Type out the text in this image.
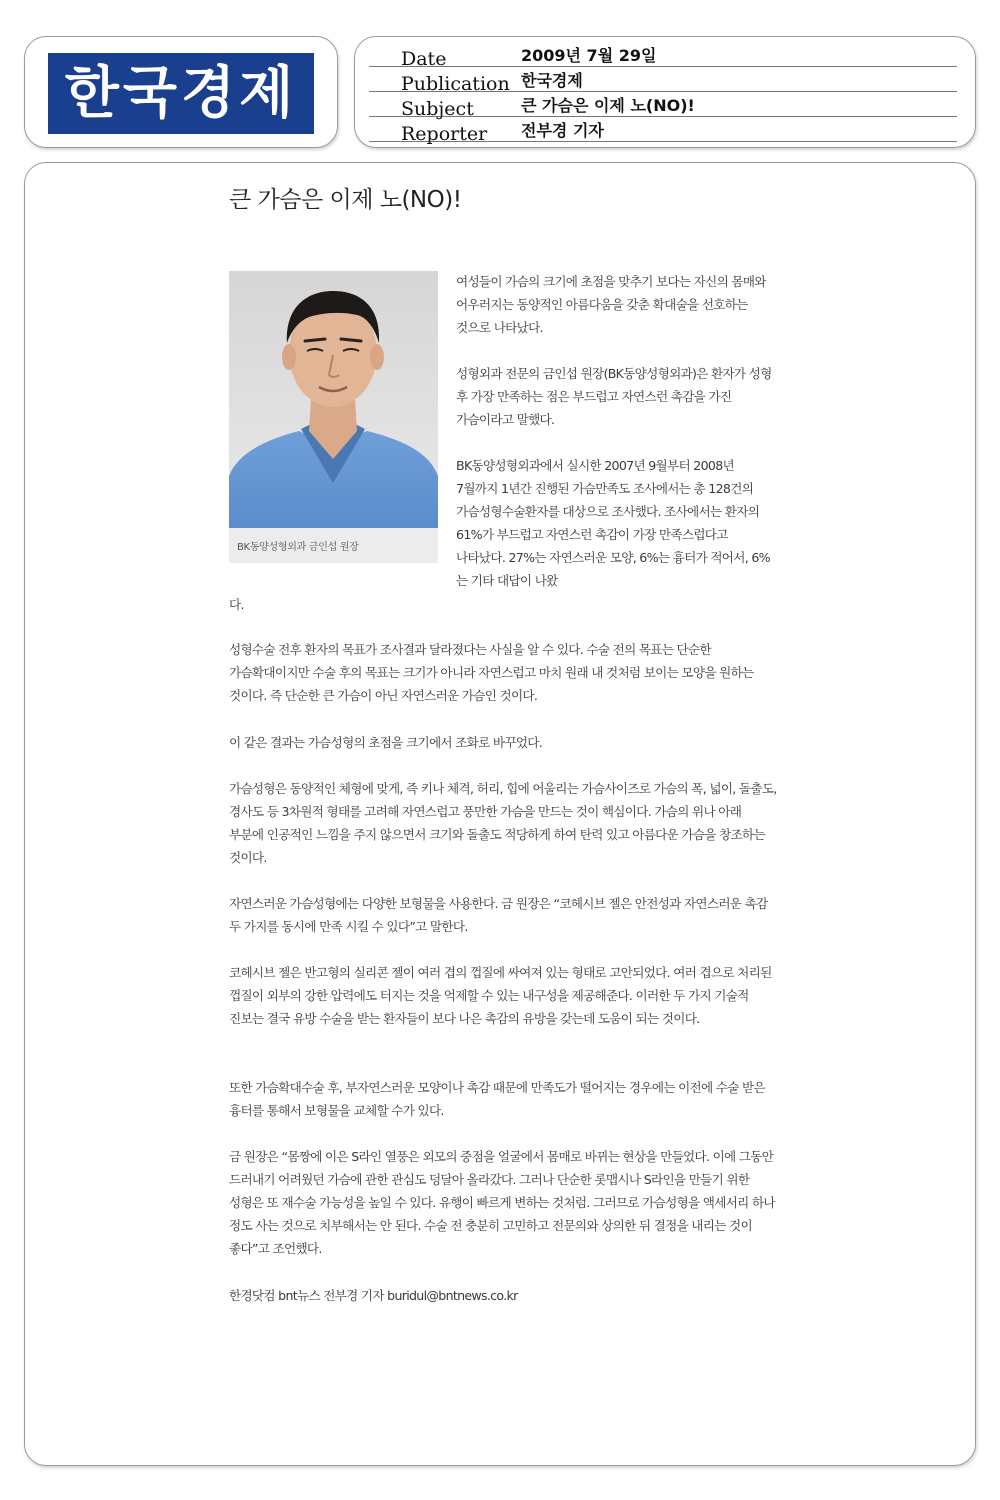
한국경제
Date	2009년 7월 29일
Publication 한국경제
Subject	큰 가슴은 이제 노(NO)!
Reporter 전부경 기자
큰 가슴은 이제 노(NO)!
BK동양성형외과 금인섭 원장

여성들이 가슴의 크기에 초점을 맞추기 보다는 자신의 몸매와 어우러지는 동양적인 아름다움을 갖춘 확대술을 선호하는 것으로 나타났다.

성형외과 전문의 금인섭 원장(BK동양성형외과)은 환자가 성형 후 가장 만족하는 점은 부드럽고 자연스런 촉감을 가진 가슴이라고 말했다.

BK동양성형외과에서 실시한 2007년 9월부터 2008년 7월까지 1년간 진행된 가슴만족도 조사에서는 총 128건의 가슴성형수술환자를 대상으로 조사했다. 조사에서는 환자의 61%가 부드럽고 자연스런 촉감이 가장 만족스럽다고 나타났다. 27%는 자연스러운 모양, 6%는 흉터가 적어서, 6%는 기타 대답이 나왔

다.

성형수술 전후 환자의 목표가 조사결과 달라졌다는 사실을 알 수 있다. 수술 전의 목표는 단순한 가슴확대이지만 수술 후의 목표는 크기가 아니라 자연스럽고 마치 원래 내 것처럼 보이는 모양을 원하는 것이다. 즉 단순한 큰 가슴이 아닌 자연스러운 가슴인 것이다.

이 같은 결과는 가슴성형의 초점을 크기에서 조화로 바꾸었다.

가슴성형은 동양적인 체형에 맞게, 즉 키나 체격, 허리, 힙에 어울리는 가슴사이즈로 가슴의 폭, 넓이, 돌출도, 경사도 등 3차원적 형태를 고려해 자연스럽고 풍만한 가슴을 만드는 것이 핵심이다. 가슴의 위나 아래 부분에 인공적인 느낌을 주지 않으면서 크기와 돌출도 적당하게 하여 탄력 있고 아름다운 가슴을 창조하는 것이다.

자연스러운 가슴성형에는 다양한 보형물을 사용한다. 금 원장은 “코헤시브 젤은 안전성과 자연스러운 촉감 두 가지를 동시에 만족 시킬 수 있다”고 말한다.

코헤시브 젤은 반고형의 실리콘 젤이 여러 겹의 껍질에 싸여져 있는 형태로 고안되었다. 여러 겹으로 처리된 껍질이 외부의 강한 압력에도 터지는 것을 억제할 수 있는 내구성을 제공해준다. 이러한 두 가지 기술적 진보는 결국 유방 수술을 받는 환자들이 보다 나은 촉감의 유방을 갖는데 도움이 되는 것이다.

또한 가슴확대수술 후, 부자연스러운 모양이나 촉감 때문에 만족도가 떨어지는 경우에는 이전에 수술 받은 흉터를 통해서 보형물을 교체할 수가 있다.

금 원장은 “몸짱에 이은 S라인 열풍은 외모의 중점을 얼굴에서 몸매로 바뀌는 현상을 만들었다. 이에 그동안 드러내기 어려웠던 가슴에 관한 관심도 덩달아 올라갔다. 그러나 단순한 롯맵시나 S라인을 만들기 위한 성형은 또 재수술 가능성을 높일 수 있다. 유행이 빠르게 변하는 것처럼. 그러므로 가슴성형을 액세서리 하나 정도 사는 것으로 치부해서는 안 된다. 수술 전 충분히 고민하고 전문의와 상의한 뒤 결정을 내리는 것이 좋다”고 조언했다.

한경닷컴 bnt뉴스 전부경 기자 buridul@bntnews.co.kr
